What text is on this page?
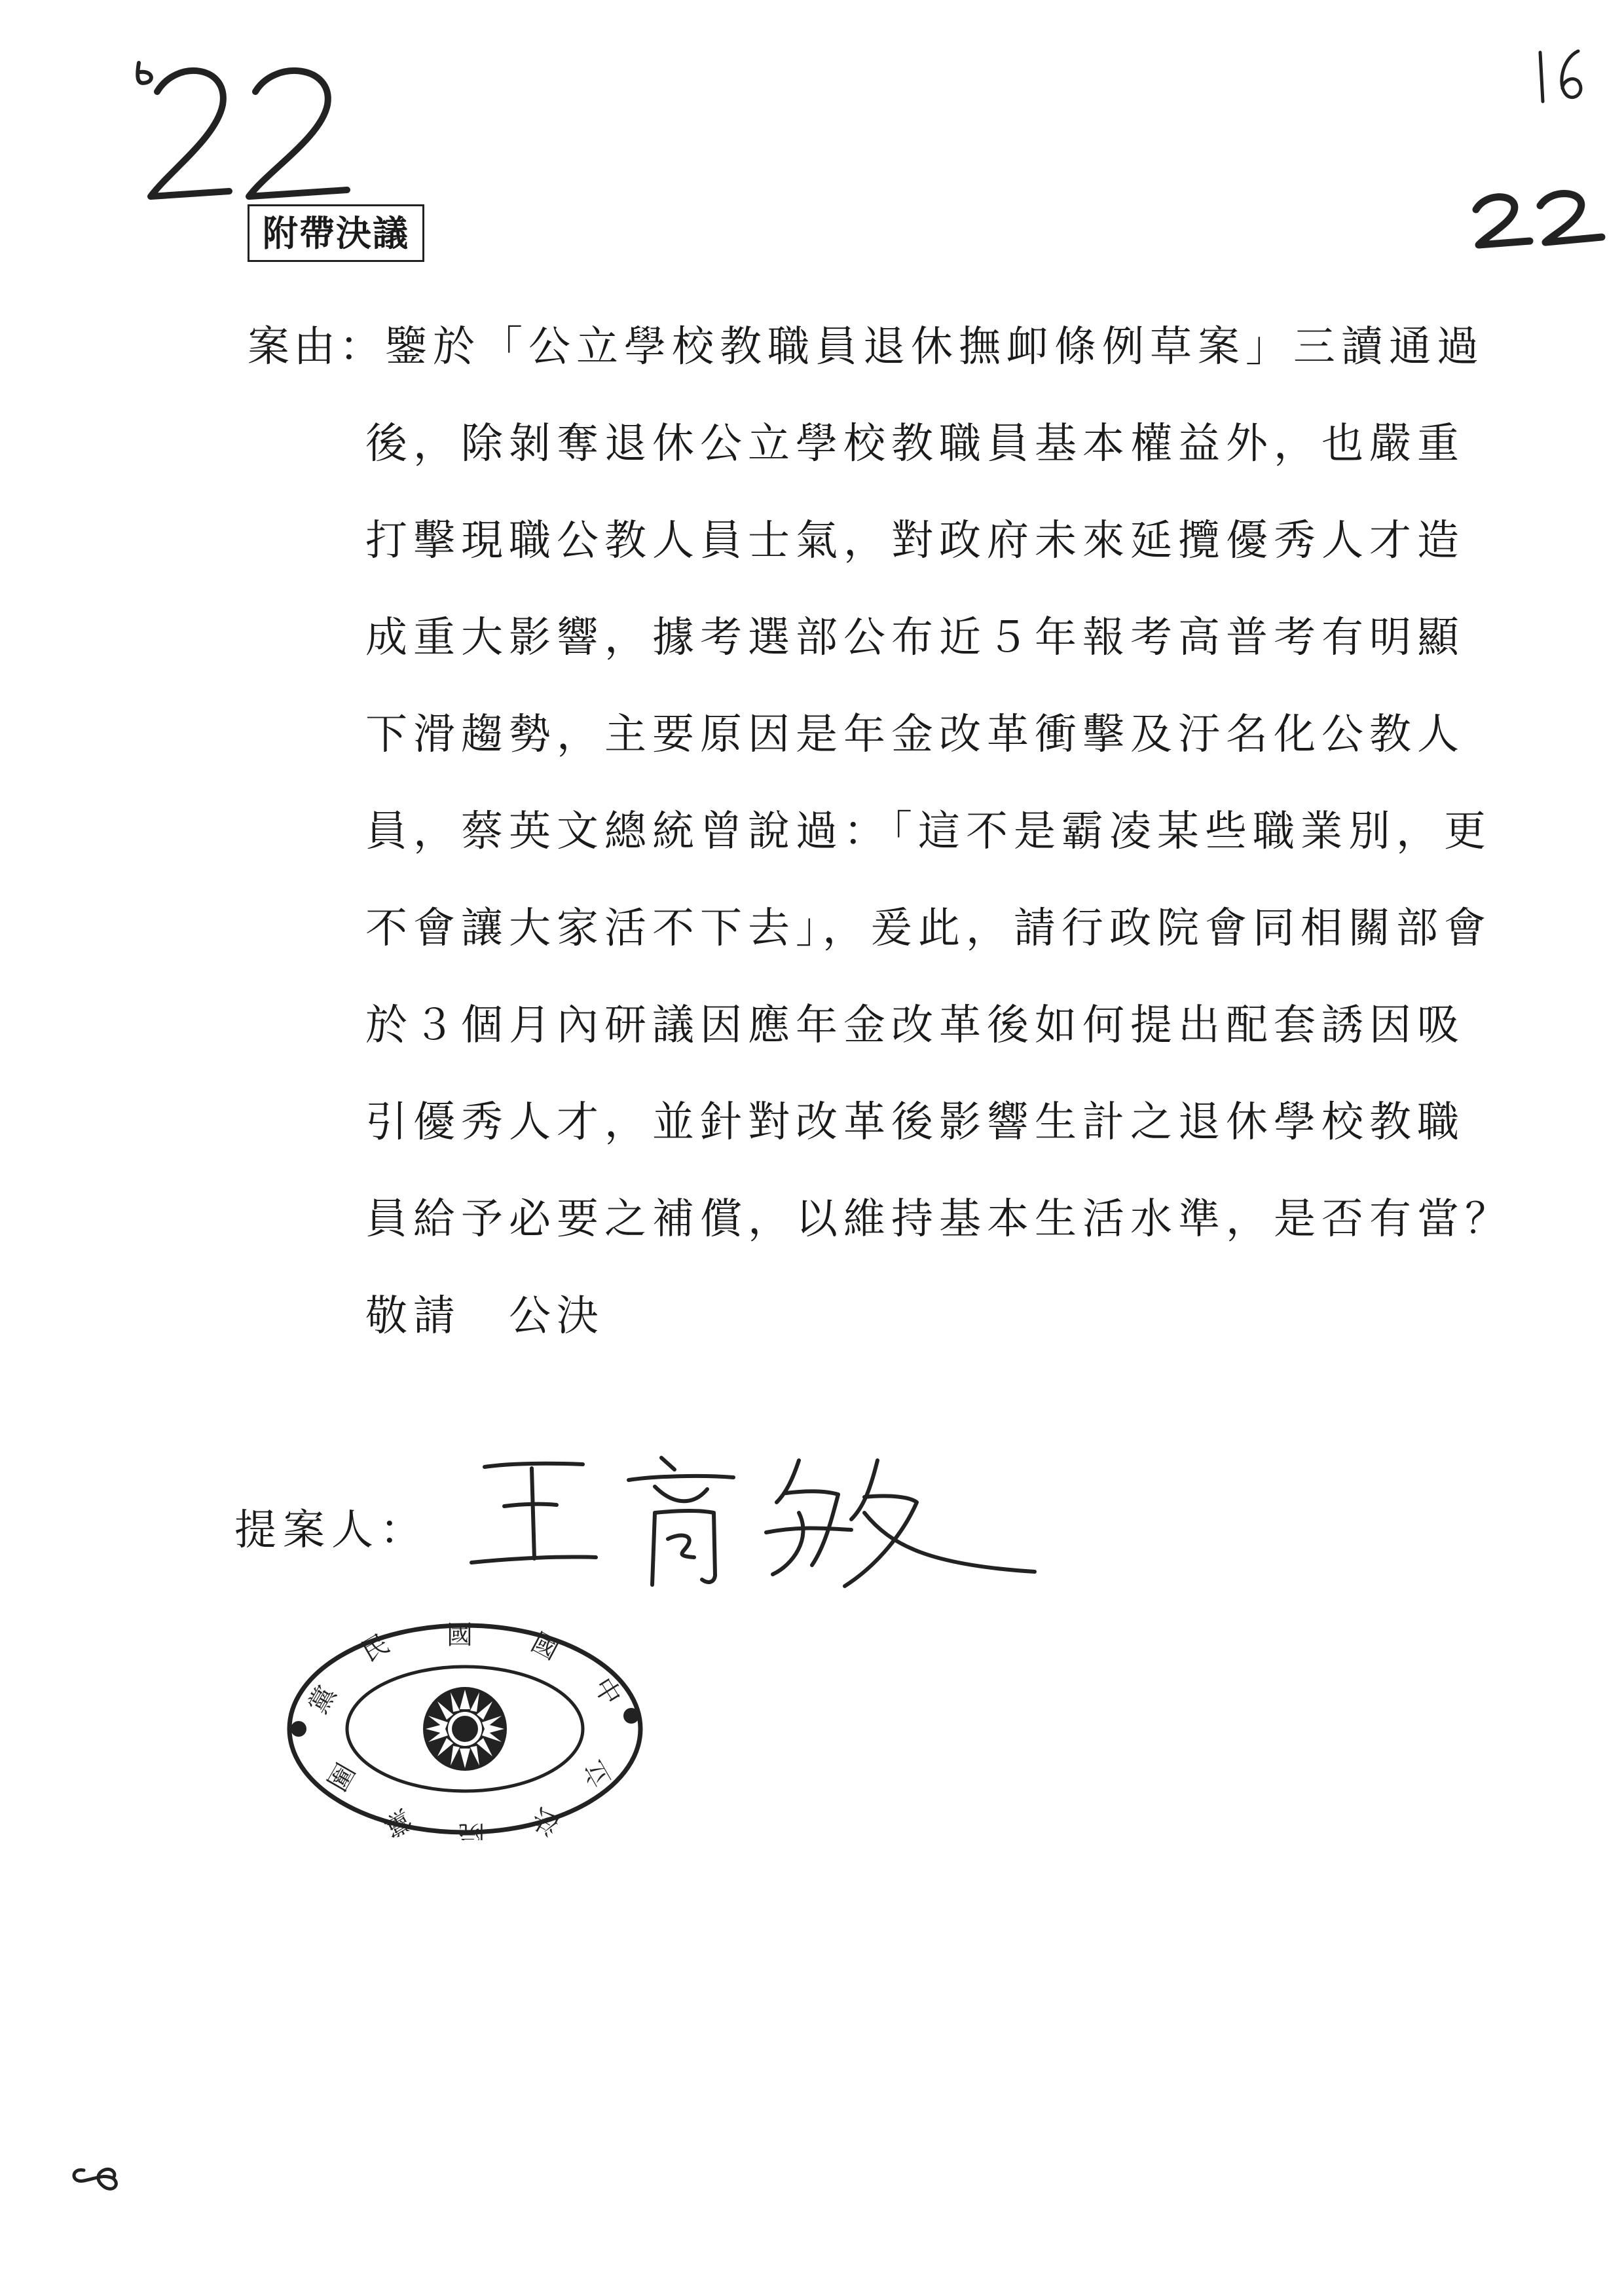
附帶決議
案由： 鑒於「公立學校教職員退休撫卹條例草案」三讀通過
後，除剝奪退休公立學校教職員基本權益外，也嚴重
打擊現職公教人員士氣，對政府未來延攬優秀人才造
成重大影響，據考選部公布近５年報考高普考有明顯
下滑趨勢，主要原因是年金改革衝擊及汙名化公教人
員，蔡英文總統曾說過：「這不是霸凌某些職業別，更
不會讓大家活不下去」，爰此，請行政院會同相關部會
於３個月內研議因應年金改革後如何提出配套誘因吸
引優秀人才，並針對改革後影響生計之退休學校教職
員給予必要之補償，以維持基本生活水準，是否有當？
敬請　公決
提案人：
黨
民 國 國
中
立
法
院
黨
團
